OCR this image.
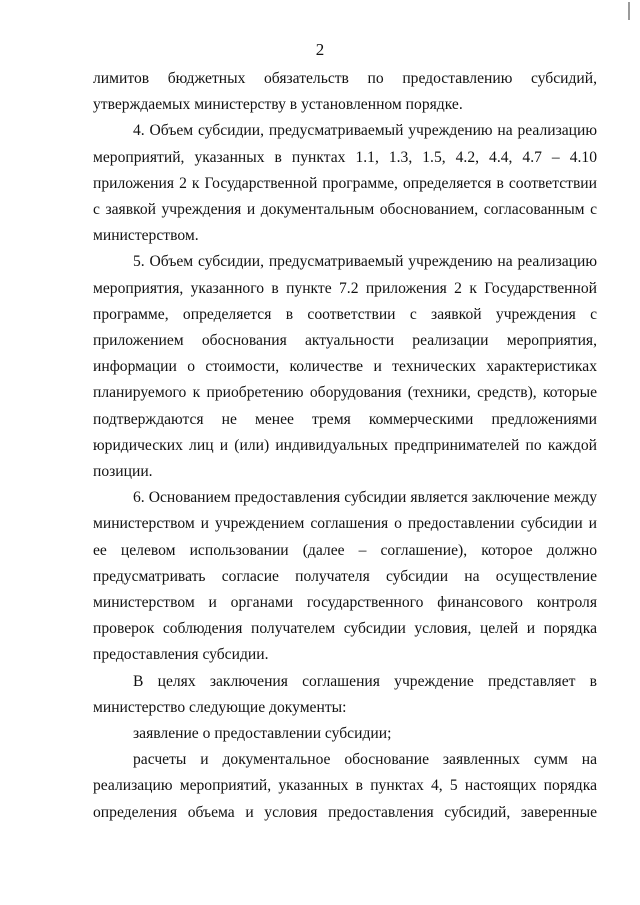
2

лимитов бюджетных обязательств по предоставлению субсидий, утверждаемых министерству в установленном порядке.

4. Объем субсидии, предусматриваемый учреждению на реализацию мероприятий, указанных в пунктах 1.1, 1.3, 1.5, 4.2, 4.4, 4.7 – 4.10 приложения 2 к Государственной программе, определяется в соответствии с заявкой учреждения и документальным обоснованием, согласованным с министерством.

5. Объем субсидии, предусматриваемый учреждению на реализацию мероприятия, указанного в пункте 7.2 приложения 2 к Государственной программе, определяется в соответствии с заявкой учреждения с приложением обоснования актуальности реализации мероприятия, информации о стоимости, количестве и технических характеристиках планируемого к приобретению оборудования (техники, средств), которые подтверждаются не менее тремя коммерческими предложениями юридических лиц и (или) индивидуальных предпринимателей по каждой позиции.

6. Основанием предоставления субсидии является заключение между министерством и учреждением соглашения о предоставлении субсидии и ее целевом использовании (далее – соглашение), которое должно предусматривать согласие получателя субсидии на осуществление министерством и органами государственного финансового контроля проверок соблюдения получателем субсидии условия, целей и порядка предоставления субсидии.

В целях заключения соглашения учреждение представляет в министерство следующие документы:

заявление о предоставлении субсидии;

расчеты и документальное обоснование заявленных сумм на реализацию мероприятий, указанных в пунктах 4, 5 настоящих порядка определения объема и условия предоставления субсидий, заверенные
